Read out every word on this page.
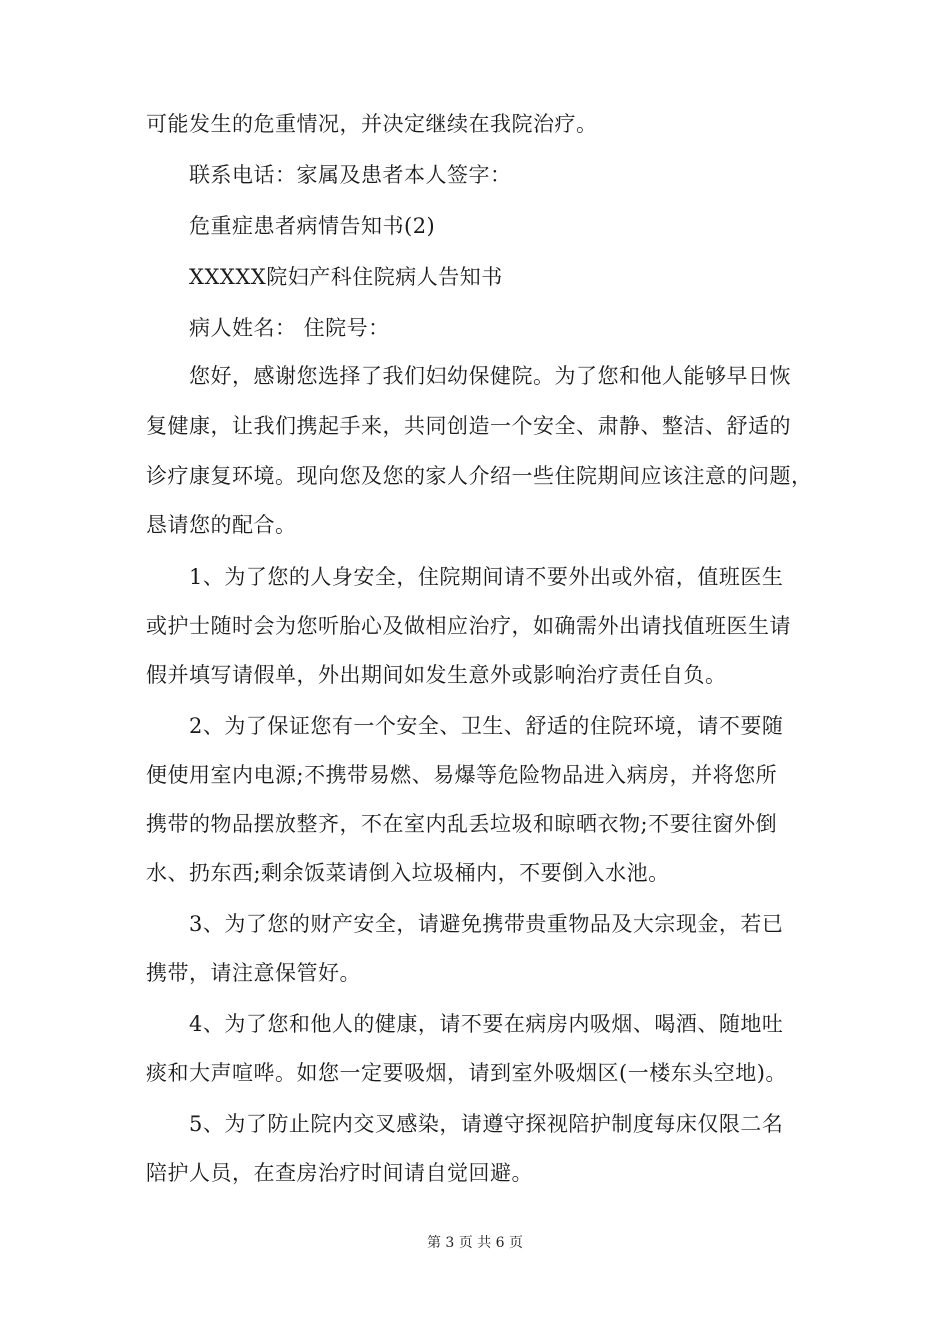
可能发生的危重情况，并决定继续在我院治疗。
联系电话：家属及患者本人签字：
危重症患者病情告知书(2)
XXXXX院妇产科住院病人告知书
病人姓名： 住院号：
您好，感谢您选择了我们妇幼保健院。为了您和他人能够早日恢
复健康，让我们携起手来，共同创造一个安全、肃静、整洁、舒适的
诊疗康复环境。现向您及您的家人介绍一些住院期间应该注意的问题，
恳请您的配合。
1、为了您的人身安全，住院期间请不要外出或外宿，值班医生
或护士随时会为您听胎心及做相应治疗，如确需外出请找值班医生请
假并填写请假单，外出期间如发生意外或影响治疗责任自负。
2、为了保证您有一个安全、卫生、舒适的住院环境，请不要随
便使用室内电源;不携带易燃、易爆等危险物品进入病房，并将您所
携带的物品摆放整齐，不在室内乱丢垃圾和晾晒衣物;不要往窗外倒
水、扔东西;剩余饭菜请倒入垃圾桶内，不要倒入水池。
3、为了您的财产安全，请避免携带贵重物品及大宗现金，若已
携带，请注意保管好。
4、为了您和他人的健康，请不要在病房内吸烟、喝酒、随地吐
痰和大声喧哗。如您一定要吸烟，请到室外吸烟区(一楼东头空地)。
5、为了防止院内交叉感染，请遵守探视陪护制度每床仅限二名
陪护人员，在查房治疗时间请自觉回避。
第 3 页 共 6 页
